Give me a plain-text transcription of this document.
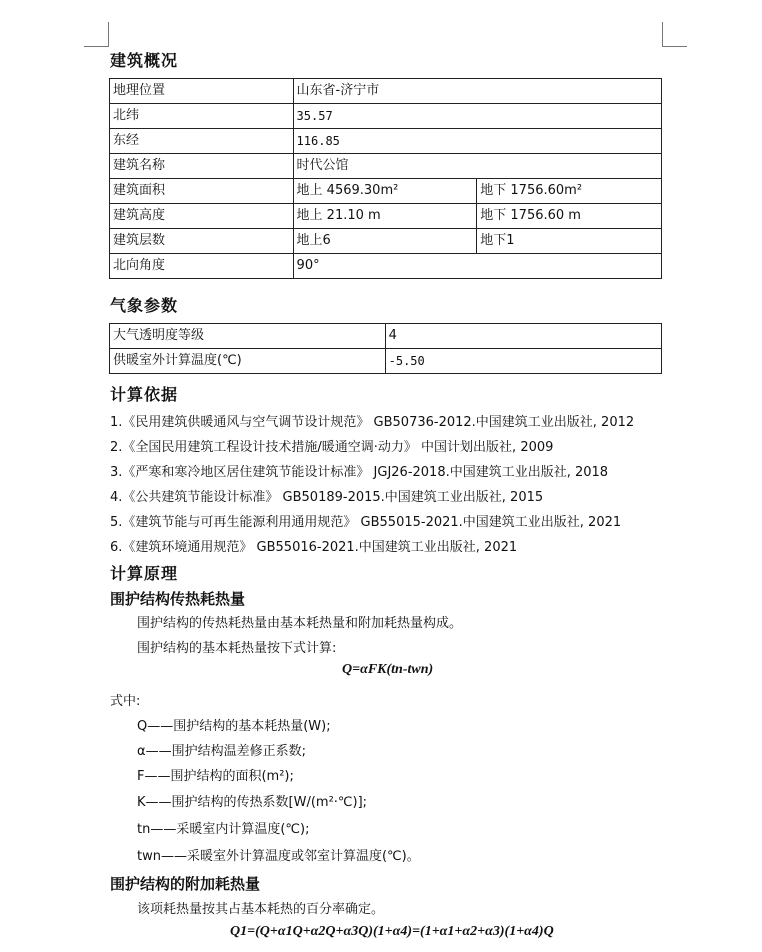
建筑概况
地理位置	山东省-济宁市	
北纬	35.57	
东经	116.85	
建筑名称	时代公馆	
建筑面积	地上 4569.30m²	地下 1756.60m²
建筑高度	地上 21.10 m	地下 1756.60 m
建筑层数	地上6	地下1
北向角度	90°	
气象参数
大气透明度等级	4
供暖室外计算温度(℃)	-5.50
计算依据
1.《民用建筑供暖通风与空气调节设计规范》 GB50736-2012.中国建筑工业出版社, 2012
2.《全国民用建筑工程设计技术措施/暖通空调·动力》 中国计划出版社, 2009
3.《严寒和寒冷地区居住建筑节能设计标准》 JGJ26-2018.中国建筑工业出版社, 2018
4.《公共建筑节能设计标准》 GB50189-2015.中国建筑工业出版社, 2015
5.《建筑节能与可再生能源利用通用规范》 GB55015-2021.中国建筑工业出版社, 2021
6.《建筑环境通用规范》 GB55016-2021.中国建筑工业出版社, 2021
计算原理
围护结构传热耗热量
围护结构的传热耗热量由基本耗热量和附加耗热量构成。
围护结构的基本耗热量按下式计算:
Q=αFK(tn-twn)
式中:
Q——围护结构的基本耗热量(W);
α——围护结构温差修正系数;
F——围护结构的面积(m²);
K——围护结构的传热系数[W/(m²·℃)];
tn——采暖室内计算温度(℃);
twn——采暖室外计算温度或邻室计算温度(℃)。
围护结构的附加耗热量
该项耗热量按其占基本耗热的百分率确定。
Q1=(Q+α1Q+α2Q+α3Q)(1+α4)=(1+α1+α2+α3)(1+α4)Q
